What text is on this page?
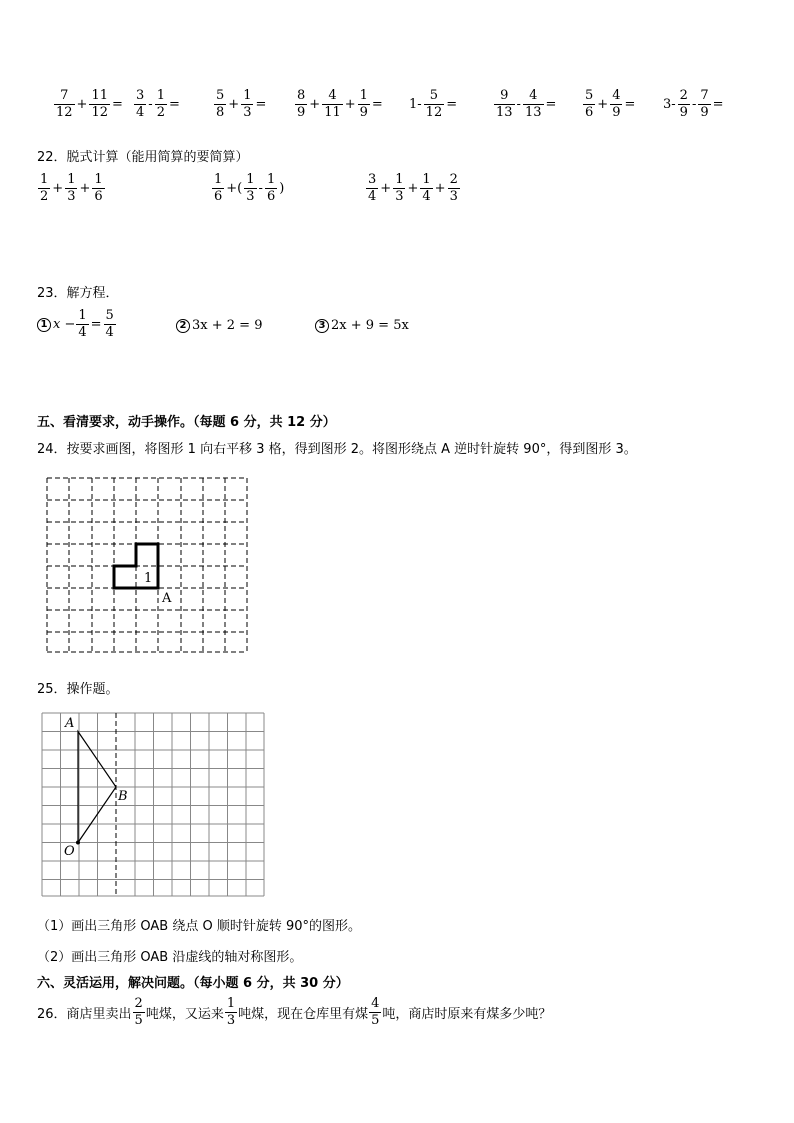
$\frac{7}{12} + \frac{11}{12} = \frac{3}{4} - \frac{1}{2}$ =	$\frac{5}{8} + \frac{1}{3} = \frac{8}{9} + \frac{4}{11} + \frac{1}{9} = 1- \frac{5}{12}$ =	$\frac{9}{13} - \frac{4}{13} = \frac{5}{6} + \frac{4}{9} = 3- \frac{2}{9} - \frac{7}{9}$ =
22．脱式计算（能用简算的要简算）
$\frac{1}{2} + \frac{1}{3} + \frac{1}{6}$	$\frac{1}{6}$ +( $\frac{1}{3} - \frac{1}{6}$ )	$\frac{3}{4} + \frac{1}{3} + \frac{1}{4} + \frac{2}{3}$
23．解方程．
1 $x - \frac{1}{4} = \frac{5}{4}$	2 3x + 2 = 9	3 2x + 9 = 5x
五、看清要求，动手操作。（每题 6 分，共 12 分）
24．按要求画图，将图形 1 向右平移 3 格，得到图形 2。将图形绕点 A 逆时针旋转 90°，得到图形 3。
1
A
25．操作题。
A
B
O
（1）画出三角形 OAB 绕点 O 顺时针旋转 90°的图形。
（2）画出三角形 OAB 沿虚线的轴对称图形。
六、灵活运用，解决问题。（每小题 6 分，共 30 分）
26．商店里卖出 $\frac{2}{5}$ 吨煤，又运来 $\frac{1}{3}$ 吨煤，现在仓库里有煤 $\frac{4}{5}$ 吨，商店时原来有煤多少吨？
